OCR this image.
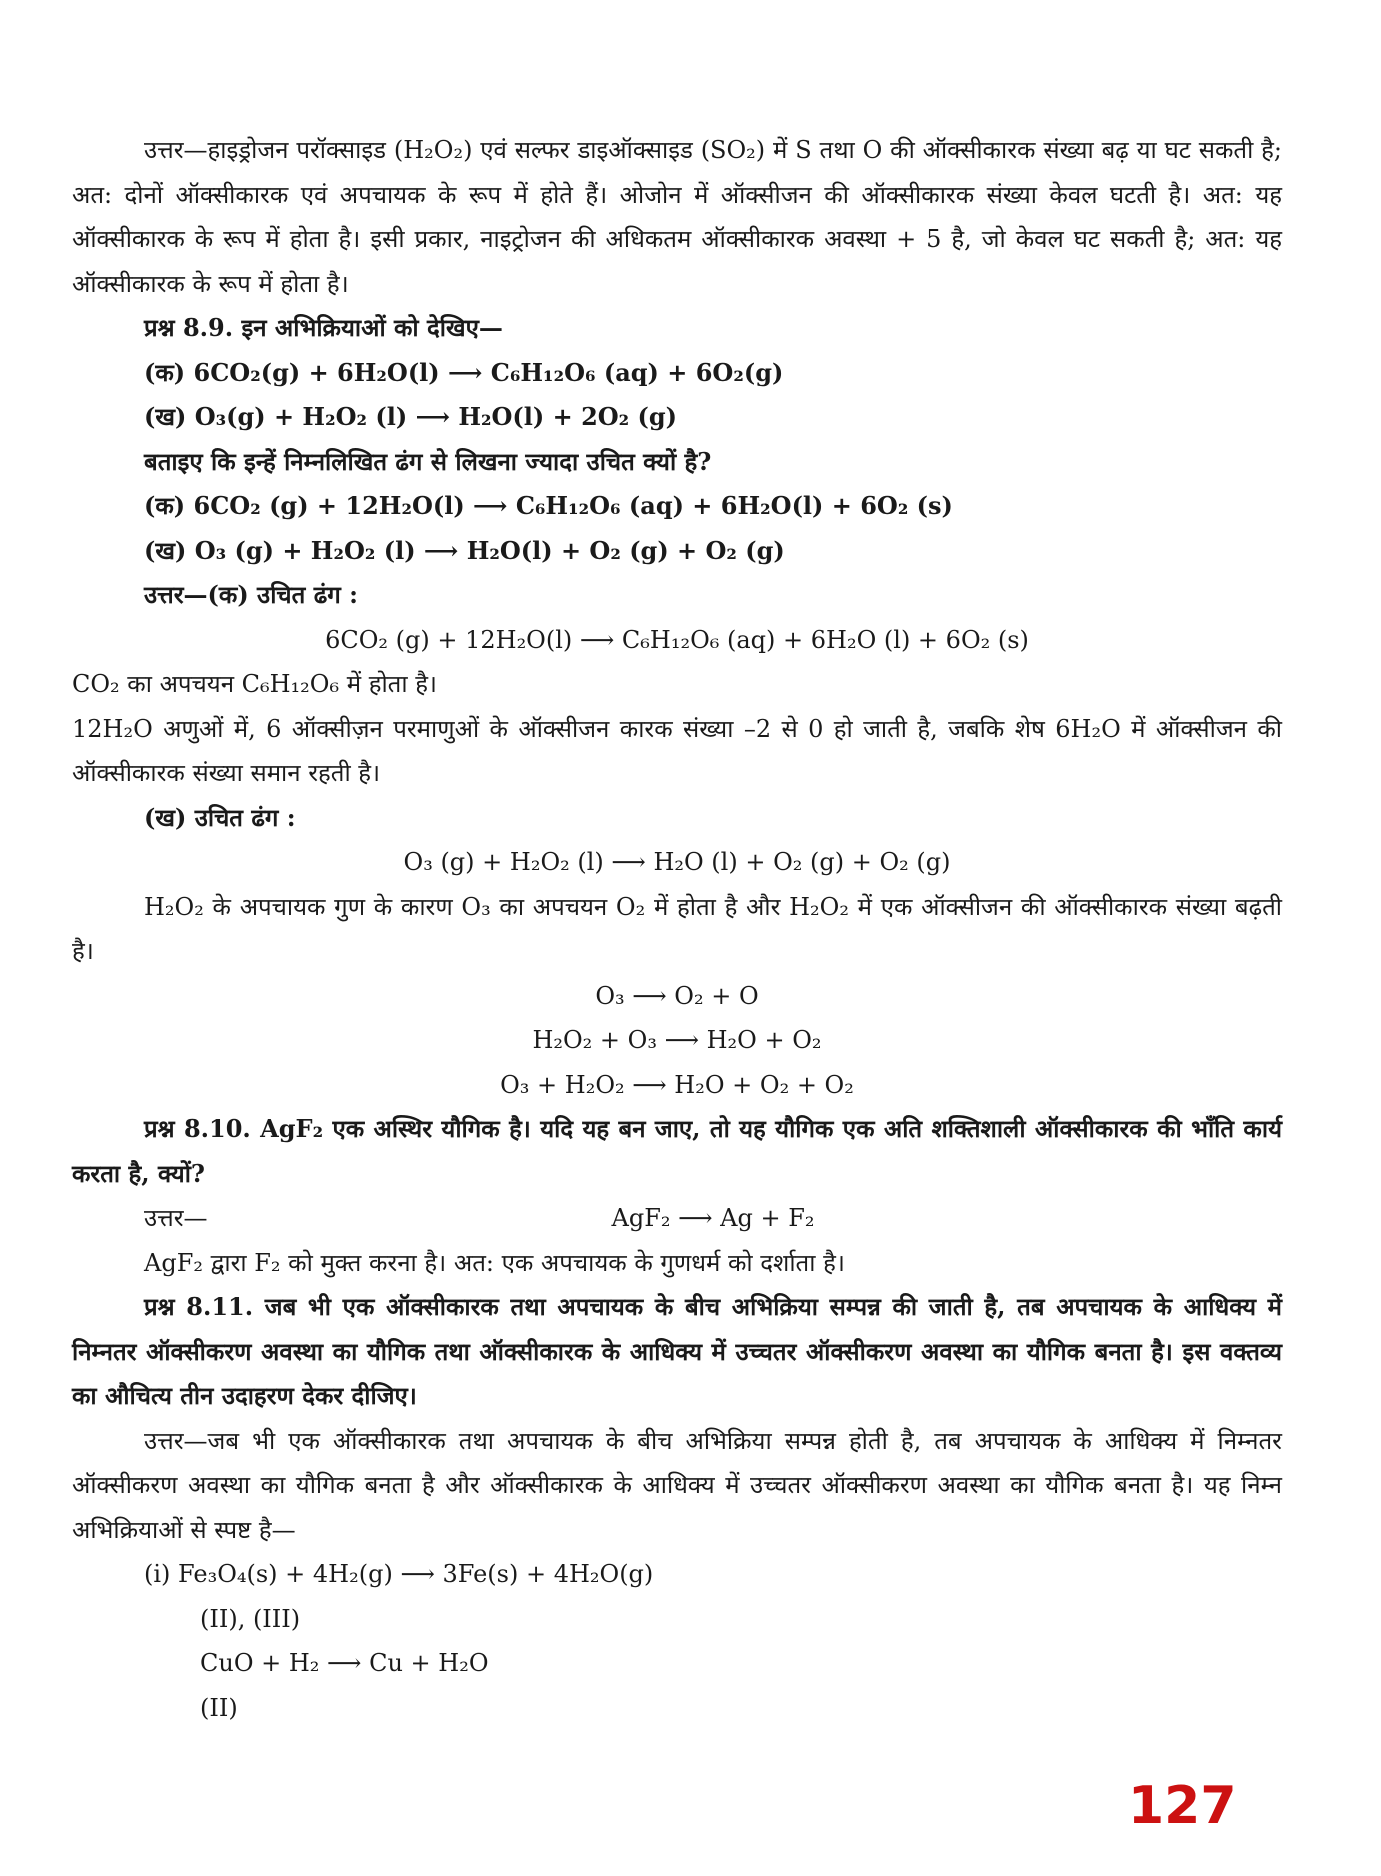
उत्तर—हाइड्रोजन परॉक्साइड (H₂O₂) एवं सल्फर डाइऑक्साइड (SO₂) में S तथा O की ऑक्सीकारक संख्या बढ़ या घट सकती है; अत: दोनों ऑक्सीकारक एवं अपचायक के रूप में होते हैं। ओजोन में ऑक्सीजन की ऑक्सीकारक संख्या केवल घटती है। अत: यह ऑक्सीकारक के रूप में होता है। इसी प्रकार, नाइट्रोजन की अधिकतम ऑक्सीकारक अवस्था + 5 है, जो केवल घट सकती है; अत: यह ऑक्सीकारक के रूप में होता है।

प्रश्न 8.9. इन अभिक्रियाओं को देखिए—

(क) 6CO₂(g) + 6H₂O(l) ⟶ C₆H₁₂O₆ (aq) + 6O₂(g)

(ख) O₃(g) + H₂O₂ (l) ⟶ H₂O(l) + 2O₂ (g)

बताइए कि इन्हें निम्नलिखित ढंग से लिखना ज्यादा उचित क्यों है?

(क) 6CO₂ (g) + 12H₂O(l) ⟶ C₆H₁₂O₆ (aq) + 6H₂O(l) + 6O₂ (s)

(ख) O₃ (g) + H₂O₂ (l) ⟶ H₂O(l) + O₂ (g) + O₂ (g)

उत्तर—(क) उचित ढंग :

6CO₂ (g) + 12H₂O(l) ⟶ C₆H₁₂O₆ (aq) + 6H₂O (l) + 6O₂ (s)

CO₂ का अपचयन C₆H₁₂O₆ में होता है।

12H₂O अणुओं में, 6 ऑक्सीज़न परमाणुओं के ऑक्सीजन कारक संख्या –2 से 0 हो जाती है, जबकि शेष 6H₂O में ऑक्सीजन की ऑक्सीकारक संख्या समान रहती है।

(ख) उचित ढंग :

O₃ (g) + H₂O₂ (l) ⟶ H₂O (l) + O₂ (g) + O₂ (g)

H₂O₂ के अपचायक गुण के कारण O₃ का अपचयन O₂ में होता है और H₂O₂ में एक ऑक्सीजन की ऑक्सीकारक संख्या बढ़ती है।

O₃ ⟶ O₂ + O
H₂O₂ + O₃ ⟶ H₂O + O₂
O₃ + H₂O₂ ⟶ H₂O + O₂ + O₂

प्रश्न 8.10. AgF₂ एक अस्थिर यौगिक है। यदि यह बन जाए, तो यह यौगिक एक अति शक्तिशाली ऑक्सीकारक की भाँति कार्य करता है, क्यों?

उत्तर—	AgF₂ ⟶ Ag + F₂

AgF₂ द्वारा F₂ को मुक्त करना है। अत: एक अपचायक के गुणधर्म को दर्शाता है।

प्रश्न 8.11. जब भी एक ऑक्सीकारक तथा अपचायक के बीच अभिक्रिया सम्पन्न की जाती है, तब अपचायक के आधिक्य में निम्नतर ऑक्सीकरण अवस्था का यौगिक तथा ऑक्सीकारक के आधिक्य में उच्चतर ऑक्सीकरण अवस्था का यौगिक बनता है। इस वक्तव्य का औचित्य तीन उदाहरण देकर दीजिए।

उत्तर—जब भी एक ऑक्सीकारक तथा अपचायक के बीच अभिक्रिया सम्पन्न होती है, तब अपचायक के आधिक्य में निम्नतर ऑक्सीकरण अवस्था का यौगिक बनता है और ऑक्सीकारक के आधिक्य में उच्चतर ऑक्सीकरण अवस्था का यौगिक बनता है। यह निम्न अभिक्रियाओं से स्पष्ट है—

(i) Fe₃O₄(s) + 4H₂(g) ⟶ 3Fe(s) + 4H₂O(g)

(II), (III)

CuO + H₂ ⟶ Cu + H₂O

(II)

127
